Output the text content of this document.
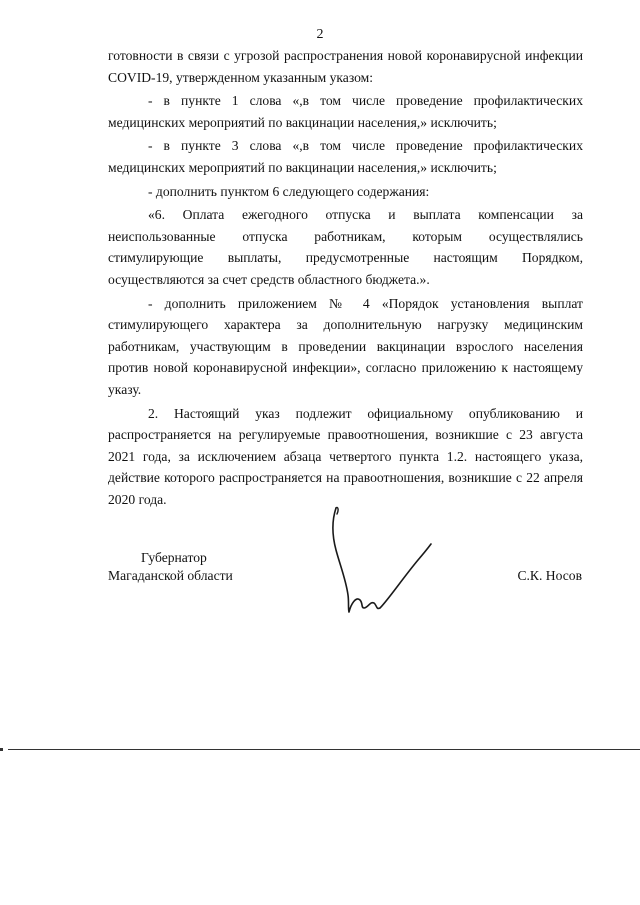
2

готовности в связи с угрозой распространения новой коронавирусной инфекции COVID-19, утвержденном указанным указом:

- в пункте 1 слова «,в том числе проведение профилактических медицинских мероприятий по вакцинации населения,» исключить;

- в пункте 3 слова «,в том числе проведение профилактических медицинских мероприятий по вакцинации населения,» исключить;

- дополнить пунктом 6 следующего содержания:

«6. Оплата ежегодного отпуска и выплата компенсации за неиспользованные отпуска работникам, которым осуществлялись стимулирующие выплаты, предусмотренные настоящим Порядком, осуществляются за счет средств областного бюджета.».

- дополнить приложением № 4 «Порядок установления выплат стимулирующего характера за дополнительную нагрузку медицинским работникам, участвующим в проведении вакцинации взрослого населения против новой коронавирусной инфекции», согласно приложению к настоящему указу.

2. Настоящий указ подлежит официальному опубликованию и распространяется на регулируемые правоотношения, возникшие с 23 августа 2021 года, за исключением абзаца четвертого пункта 1.2. настоящего указа, действие которого распространяется на правоотношения, возникшие с 22 апреля 2020 года.

Губернатор
Магаданской области	С.К. Носов
